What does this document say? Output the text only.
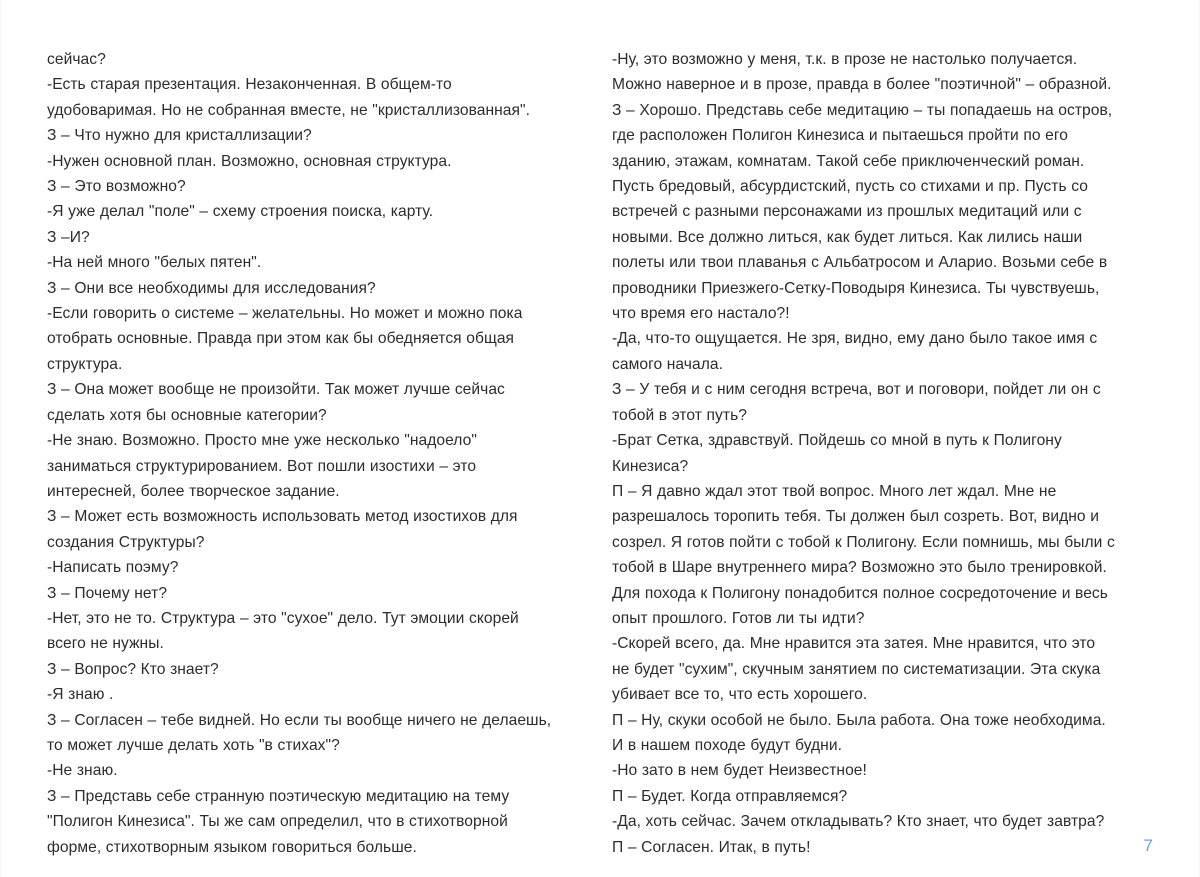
сейчас?
-Есть старая презентация. Незаконченная. В общем-то
удобоваримая. Но не собранная вместе, не "кристаллизованная".
З – Что нужно для кристаллизации?
-Нужен основной план. Возможно, основная структура.
З – Это возможно?
-Я уже делал "поле" – схему строения поиска, карту.
З –И?
-На ней много "белых пятен".
З – Они все необходимы для исследования?
-Если говорить о системе – желательны. Но может и можно пока
отобрать основные. Правда при этом как бы обедняется общая
структура.
З – Она может вообще не произойти. Так может лучше сейчас
сделать хотя бы основные категории?
-Не знаю. Возможно. Просто мне уже несколько "надоело"
заниматься структурированием. Вот пошли изостихи – это
интересней, более творческое задание.
З – Может есть возможность использовать метод изостихов для
создания Структуры?
-Написать поэму?
З – Почему нет?
-Нет, это не то. Структура – это "сухое" дело. Тут эмоции скорей
всего не нужны.
З – Вопрос? Кто знает?
-Я знаю .
З – Согласен – тебе видней. Но если ты вообще ничего не делаешь,
то может лучше делать хоть "в стихах"?
-Не знаю.
З – Представь себе странную поэтическую медитацию на тему
"Полигон Кинезиса". Ты же сам определил, что в стихотворной
форме, стихотворным языком говориться больше.
-Ну, это возможно у меня, т.к. в прозе не настолько получается.
Можно наверное и в прозе, правда в более "поэтичной" – образной.
З – Хорошо. Представь себе медитацию – ты попадаешь на остров,
где расположен Полигон Кинезиса и пытаешься пройти по его
зданию, этажам, комнатам. Такой себе приключенческий роман.
Пусть бредовый, абсурдистский, пусть со стихами и пр. Пусть со
встречей с разными персонажами из прошлых медитаций или с
новыми. Все должно литься, как будет литься. Как лились наши
полеты или твои плаванья с Альбатросом и Аларио. Возьми себе в
проводники Приезжего-Сетку-Поводыря Кинезиса. Ты чувствуешь,
что время его настало?!
-Да, что-то ощущается. Не зря, видно, ему дано было такое имя с
самого начала.
З – У тебя и с ним сегодня встреча, вот и поговори, пойдет ли он с
тобой в этот путь?
-Брат Сетка, здравствуй. Пойдешь со мной в путь к Полигону
Кинезиса?
П – Я давно ждал этот твой вопрос. Много лет ждал. Мне не
разрешалось торопить тебя. Ты должен был созреть. Вот, видно и
созрел. Я готов пойти с тобой к Полигону. Если помнишь, мы были с
тобой в Шаре внутреннего мира? Возможно это было тренировкой.
Для похода к Полигону понадобится полное сосредоточение и весь
опыт прошлого. Готов ли ты идти?
-Скорей всего, да. Мне нравится эта затея. Мне нравится, что это
не будет "сухим", скучным занятием по систематизации. Эта скука
убивает все то, что есть хорошего.
П – Ну, скуки особой не было. Была работа. Она тоже необходима.
И в нашем походе будут будни.
-Но зато в нем будет Неизвестное!
П – Будет. Когда отправляемся?
-Да, хоть сейчас. Зачем откладывать? Кто знает, что будет завтра?
П – Согласен. Итак, в путь!	7
